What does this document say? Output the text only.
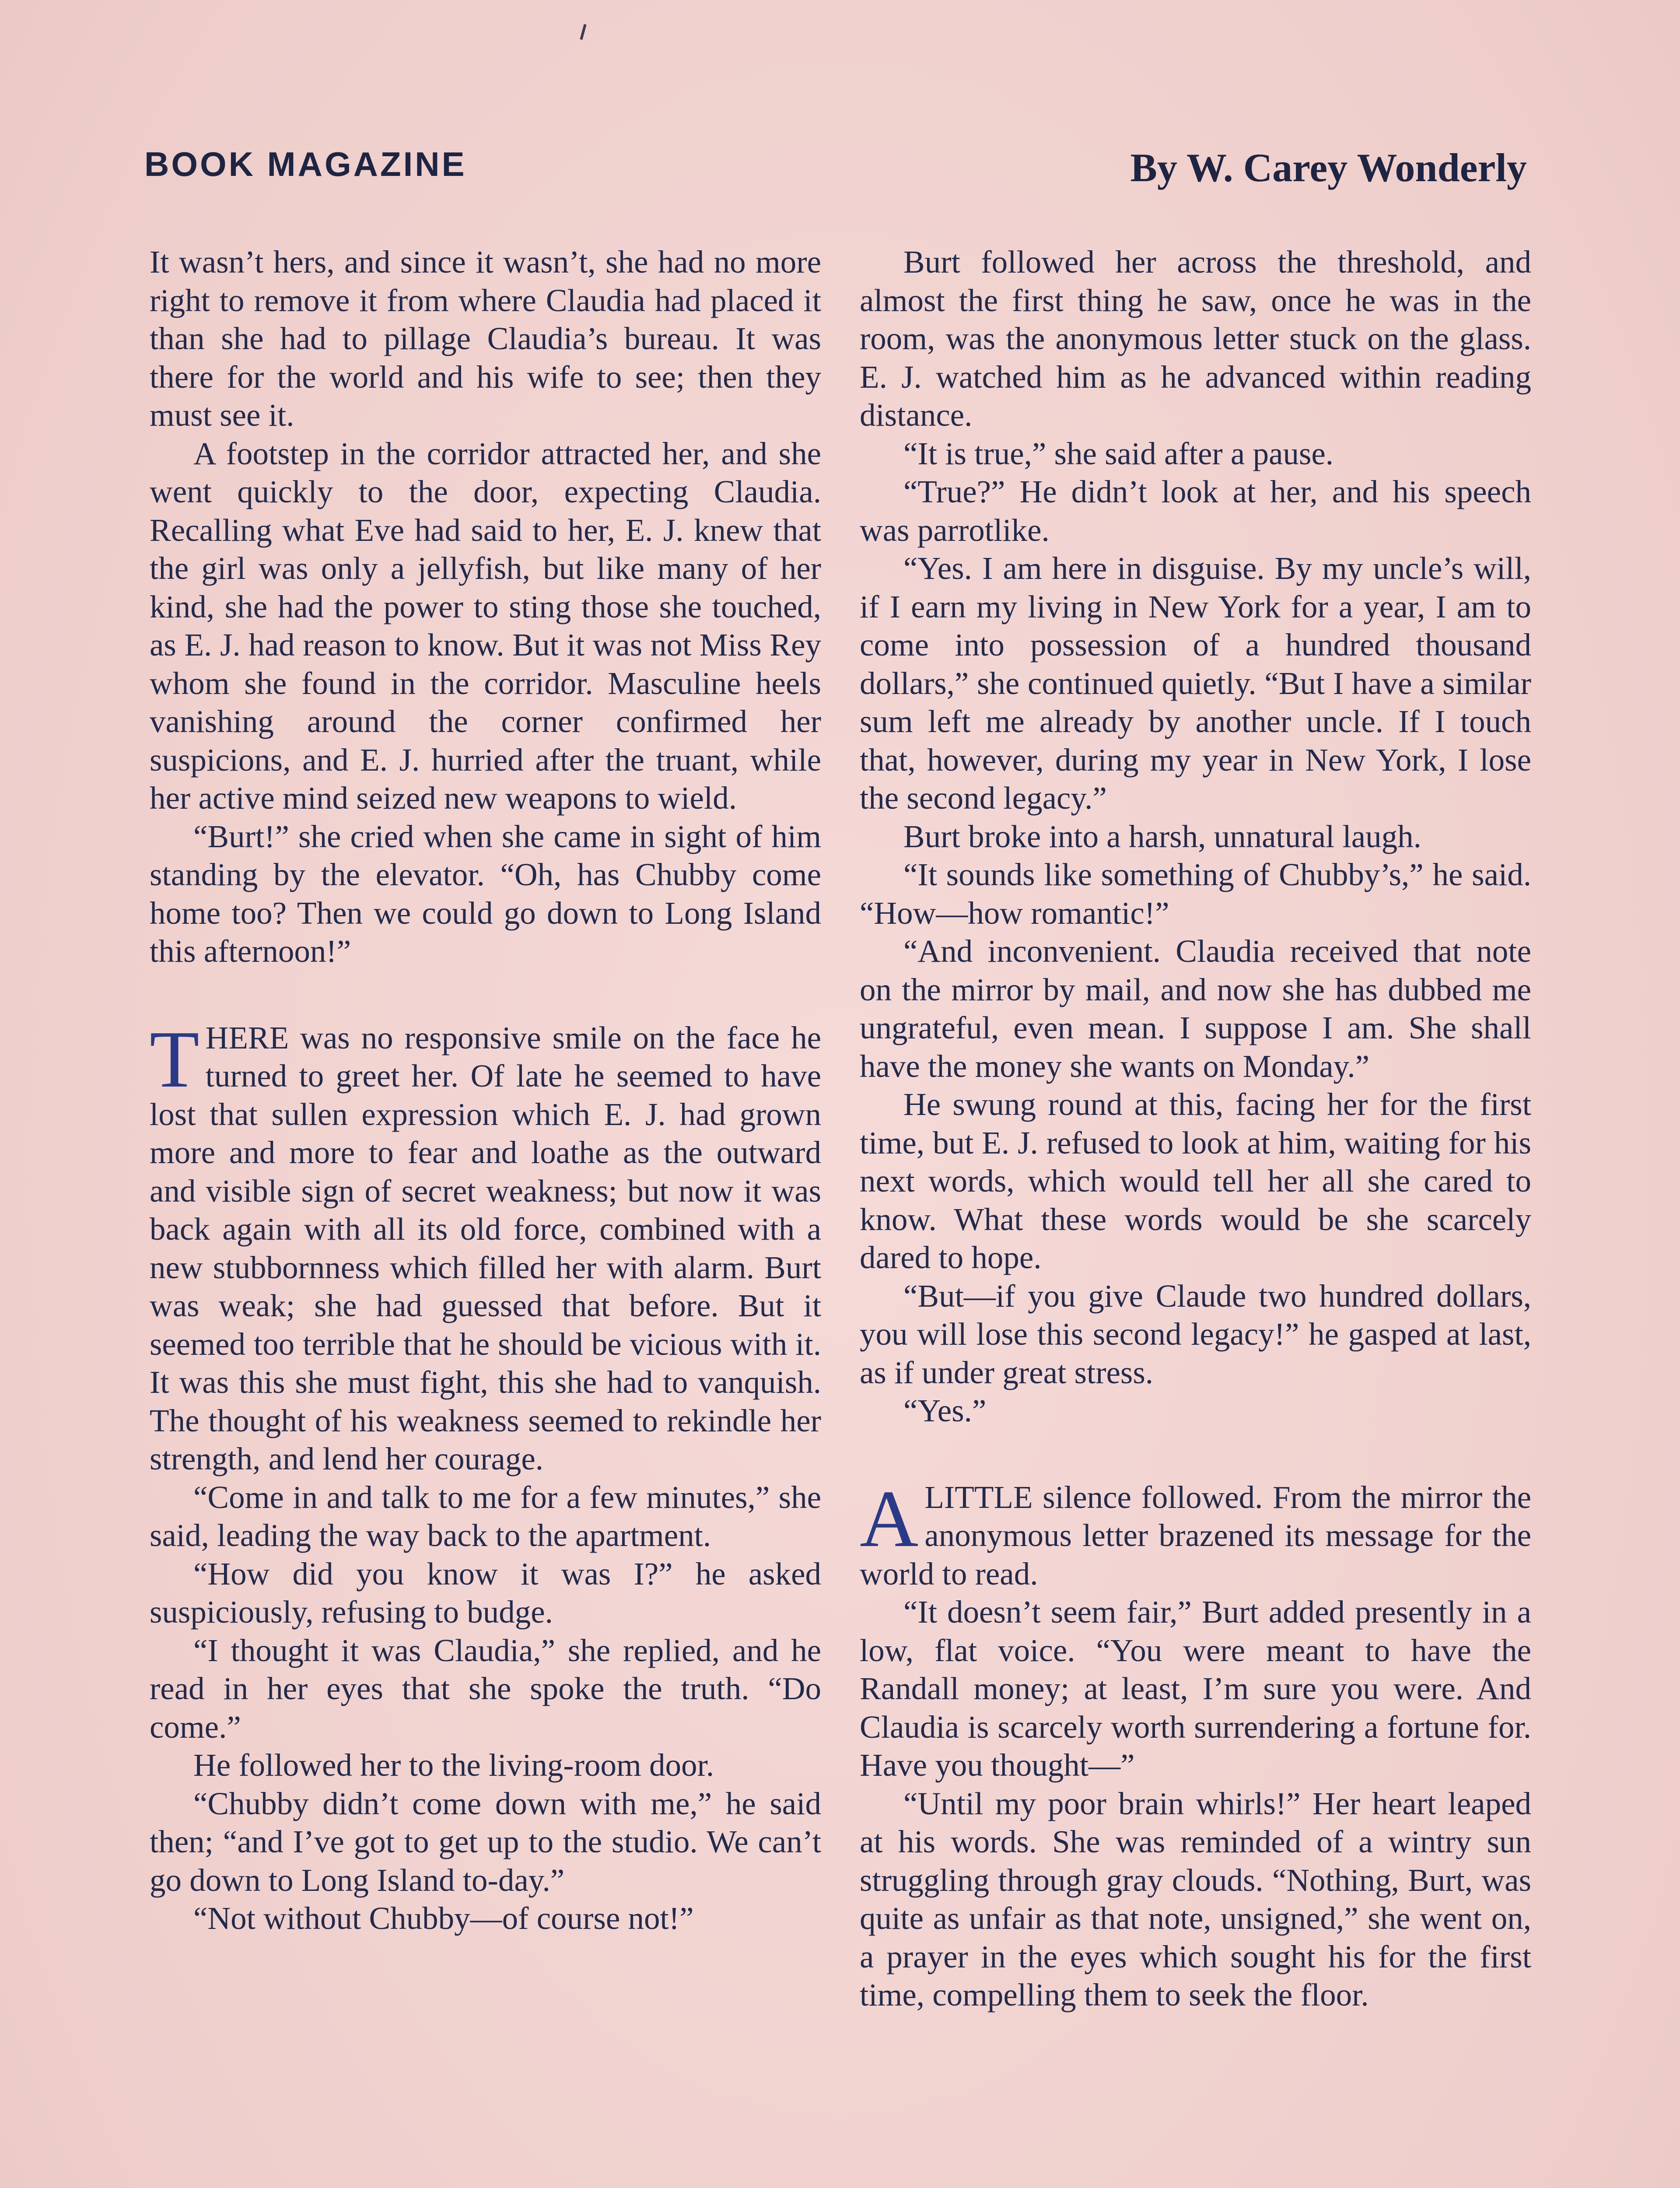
BOOK MAGAZINE	By W. Carey Wonderly

It wasn’t hers, and since it wasn’t, she had no more right to remove it from where Claudia had placed it than she had to pillage Claudia’s bureau. It was there for the world and his wife to see; then they must see it.

A footstep in the corridor attracted her, and she went quickly to the door, expecting Claudia. Recalling what Eve had said to her, E. J. knew that the girl was only a jellyfish, but like many of her kind, she had the power to sting those she touched, as E. J. had reason to know. But it was not Miss Rey whom she found in the corridor. Masculine heels vanishing around the corner confirmed her suspicions, and E. J. hurried after the truant, while her active mind seized new weapons to wield.

“Burt!” she cried when she came in sight of him standing by the elevator. “Oh, has Chubby come home too? Then we could go down to Long Island this afternoon!”

THERE was no responsive smile on the face he turned to greet her. Of late he seemed to have lost that sullen expression which E. J. had grown more and more to fear and loathe as the outward and visible sign of secret weakness; but now it was back again with all its old force, combined with a new stubbornness which filled her with alarm. Burt was weak; she had guessed that before. But it seemed too terrible that he should be vicious with it. It was this she must fight, this she had to vanquish. The thought of his weakness seemed to rekindle her strength, and lend her courage.

“Come in and talk to me for a few minutes,” she said, leading the way back to the apartment.

“How did you know it was I?” he asked suspiciously, refusing to budge.

“I thought it was Claudia,” she replied, and he read in her eyes that she spoke the truth. “Do come.”

He followed her to the living-room door.

“Chubby didn’t come down with me,” he said then; “and I’ve got to get up to the studio. We can’t go down to Long Island to-day.”

“Not without Chubby—of course not!”

Burt followed her across the threshold, and almost the first thing he saw, once he was in the room, was the anonymous letter stuck on the glass. E. J. watched him as he advanced within reading distance.

“It is true,” she said after a pause.

“True?” He didn’t look at her, and his speech was parrotlike.

“Yes. I am here in disguise. By my uncle’s will, if I earn my living in New York for a year, I am to come into possession of a hundred thousand dollars,” she continued quietly. “But I have a similar sum left me already by another uncle. If I touch that, however, during my year in New York, I lose the second legacy.”

Burt broke into a harsh, unnatural laugh.

“It sounds like something of Chubby’s,” he said. “How—how romantic!”

“And inconvenient. Claudia received that note on the mirror by mail, and now she has dubbed me ungrateful, even mean. I suppose I am. She shall have the money she wants on Monday.”

He swung round at this, facing her for the first time, but E. J. refused to look at him, waiting for his next words, which would tell her all she cared to know. What these words would be she scarcely dared to hope.

“But—if you give Claude two hundred dollars, you will lose this second legacy!” he gasped at last, as if under great stress.

“Yes.”

ALITTLE silence followed. From the mirror the anonymous letter brazened its message for the world to read.

“It doesn’t seem fair,” Burt added presently in a low, flat voice. “You were meant to have the Randall money; at least, I’m sure you were. And Claudia is scarcely worth surrendering a fortune for. Have you thought—”

“Until my poor brain whirls!” Her heart leaped at his words. She was reminded of a wintry sun struggling through gray clouds. “Nothing, Burt, was quite as unfair as that note, unsigned,” she went on, a prayer in the eyes which sought his for the first time, compelling them to seek the floor.
